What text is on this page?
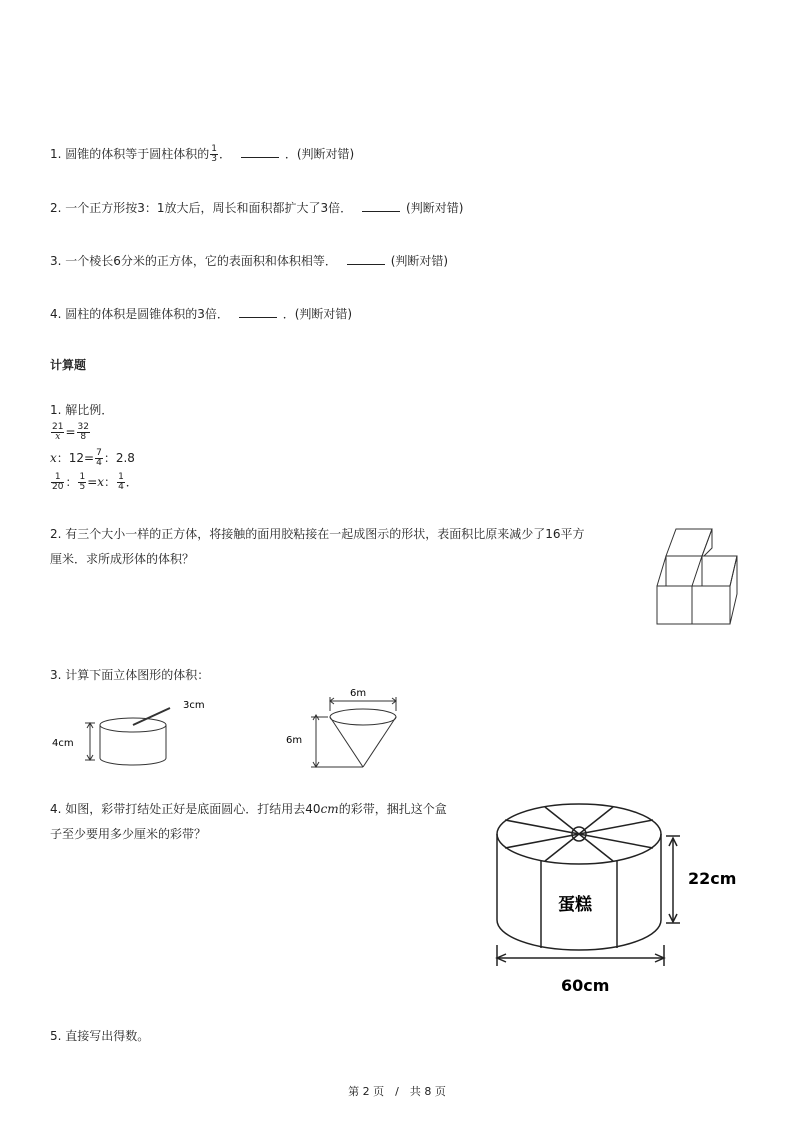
1. 圆锥的体积等于圆柱体积的 $\frac{1}{3}$ ．	．(判断对错)
2. 一个正方形按3：1放大后，周长和面积都扩大了3倍．	(判断对错)
3. 一个棱长6分米的正方体，它的表面积和体积相等．	(判断对错)
4. 圆柱的体积是圆锥体积的3倍．	．(判断对错)
计算题
1. 解比例．
$\frac{21}{x} = \frac{32}{8}$
x：$12= \frac{7}{4}$ ：2.8
$\frac{1}{20}$ ： $\frac{1}{5} =x$： $\frac{1}{4}$ ．
2. 有三个大小一样的正方体，将接触的面用胶粘接在一起成图示的形状，表面积比原来减少了16平方
厘米．求所成形体的体积？
3. 计算下面立体图形的体积：
3cm
4cm
6m
6m
4. 如图，彩带打结处正好是底面圆心．打结用去40cm的彩带，捆扎这个盒
子至少要用多少厘米的彩带？
蛋糕
22cm
60cm
5. 直接写出得数。
第 2 页　/　共 8 页
